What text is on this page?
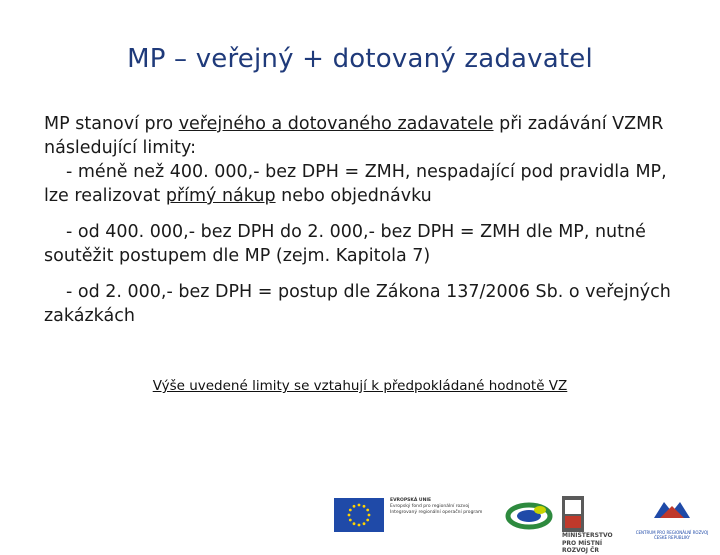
MP – veřejný + dotovaný zadavatel

MP stanoví pro veřejného a dotovaného zadavatele při zadávání VZMR následující limity:

- méně než 400. 000,- bez DPH = ZMH, nespadající pod pravidla MP, lze realizovat přímý nákup nebo objednávku

- od 400. 000,- bez DPH do 2. 000,- bez DPH = ZMH dle MP, nutné soutěžit postupem dle MP (zejm. Kapitola 7)

- od 2. 000,- bez DPH = postup dle Zákona 137/2006 Sb. o veřejných zakázkách

Výše uvedené limity se vztahují k předpokládané hodnotě VZ
EVROPSKÁ UNIE
Evropský fond pro regionální rozvoj
Integrovaný regionální operační program
MINISTERSTVO PRO MÍSTNÍ ROZVOJ ČR
CENTRUM PRO REGIONÁLNÍ ROZVOJ ČESKÉ REPUBLIKY
